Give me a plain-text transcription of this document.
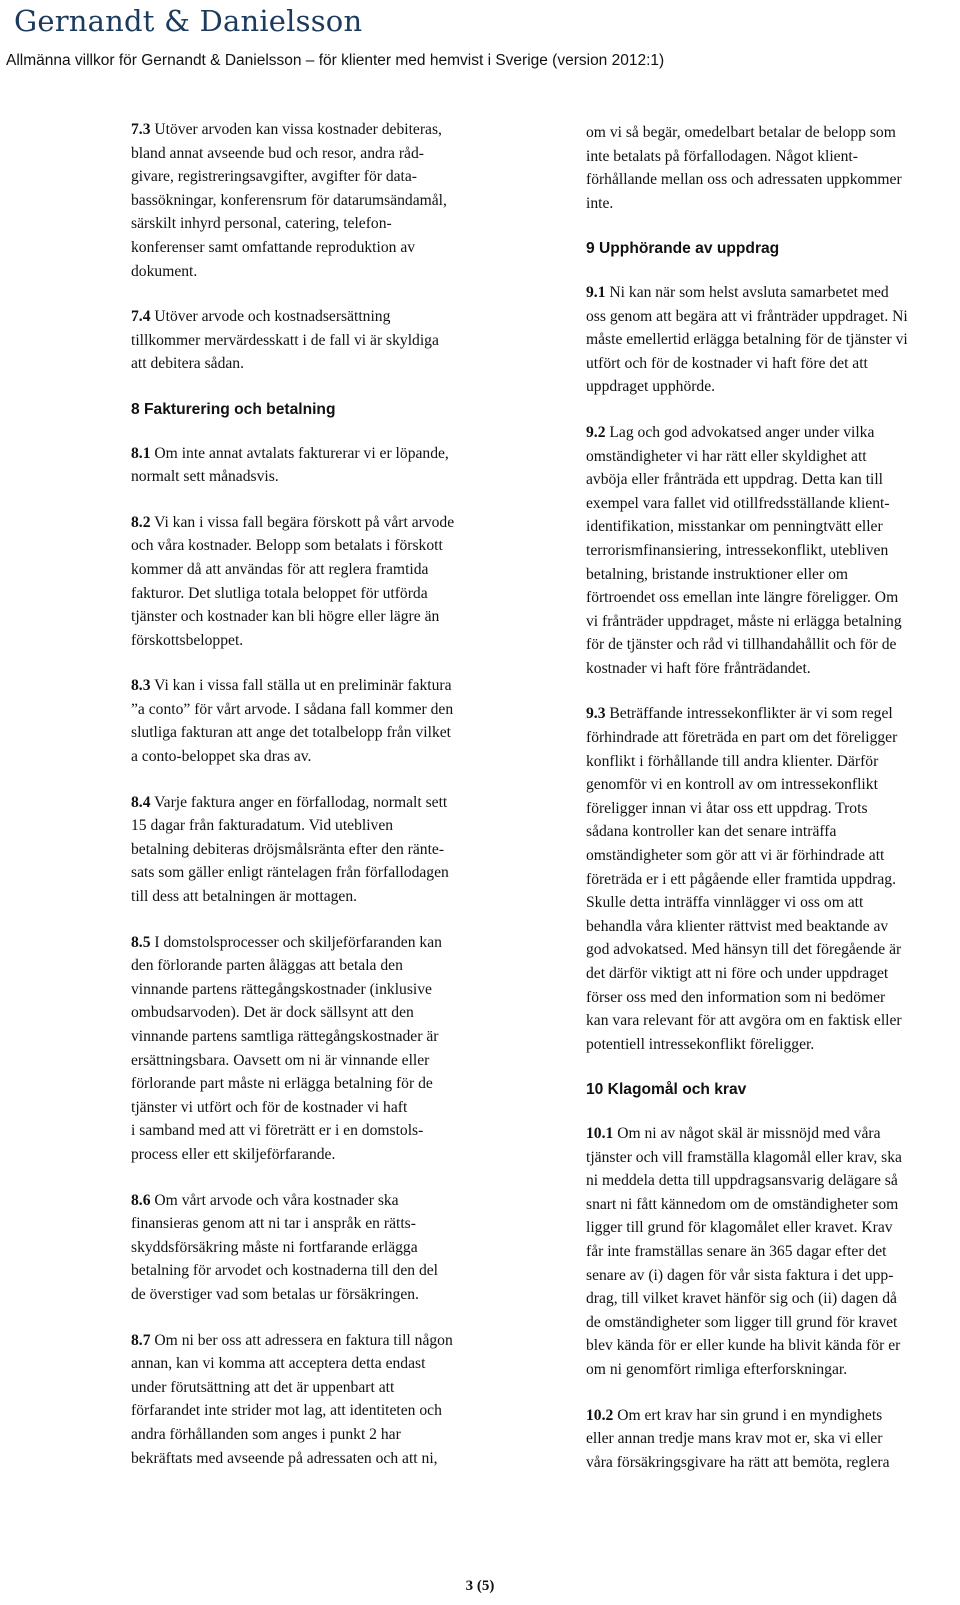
Gernandt & Danielsson
Allmänna villkor för Gernandt & Danielsson – för klienter med hemvist i Sverige (version 2012:1)
7.3 Utöver arvoden kan vissa kostnader debiteras,
bland annat avseende bud och resor, andra råd-
givare, registreringsavgifter, avgifter för data-
bassökningar, konferensrum för datarumsändamål,
särskilt inhyrd personal, catering, telefon-
konferenser samt omfattande reproduktion av
dokument.
7.4 Utöver arvode och kostnadsersättning
tillkommer mervärdesskatt i de fall vi är skyldiga
att debitera sådan.
8 Fakturering och betalning
8.1 Om inte annat avtalats fakturerar vi er löpande,
normalt sett månadsvis.
8.2 Vi kan i vissa fall begära förskott på vårt arvode
och våra kostnader. Belopp som betalats i förskott
kommer då att användas för att reglera framtida
fakturor. Det slutliga totala beloppet för utförda
tjänster och kostnader kan bli högre eller lägre än
förskottsbeloppet.
8.3 Vi kan i vissa fall ställa ut en preliminär faktura
”a conto” för vårt arvode. I sådana fall kommer den
slutliga fakturan att ange det totalbelopp från vilket
a conto-beloppet ska dras av.
8.4 Varje faktura anger en förfallodag, normalt sett
15 dagar från fakturadatum. Vid utebliven
betalning debiteras dröjsmålsränta efter den ränte-
sats som gäller enligt räntelagen från förfallodagen
till dess att betalningen är mottagen.
8.5 I domstolsprocesser och skiljeförfaranden kan
den förlorande parten åläggas att betala den
vinnande partens rättegångskostnader (inklusive
ombudsarvoden). Det är dock sällsynt att den
vinnande partens samtliga rättegångskostnader är
ersättningsbara. Oavsett om ni är vinnande eller
förlorande part måste ni erlägga betalning för de
tjänster vi utfört och för de kostnader vi haft
i samband med att vi företrätt er i en domstols-
process eller ett skiljeförfarande.
8.6 Om vårt arvode och våra kostnader ska
finansieras genom att ni tar i anspråk en rätts-
skyddsförsäkring måste ni fortfarande erlägga
betalning för arvodet och kostnaderna till den del
de överstiger vad som betalas ur försäkringen.
8.7 Om ni ber oss att adressera en faktura till någon
annan, kan vi komma att acceptera detta endast
under förutsättning att det är uppenbart att
förfarandet inte strider mot lag, att identiteten och
andra förhållanden som anges i punkt 2 har
bekräftats med avseende på adressaten och att ni,
om vi så begär, omedelbart betalar de belopp som
inte betalats på förfallodagen. Något klient-
förhållande mellan oss och adressaten uppkommer
inte.
9 Upphörande av uppdrag
9.1 Ni kan när som helst avsluta samarbetet med
oss genom att begära att vi frånträder uppdraget. Ni
måste emellertid erlägga betalning för de tjänster vi
utfört och för de kostnader vi haft före det att
uppdraget upphörde.
9.2 Lag och god advokatsed anger under vilka
omständigheter vi har rätt eller skyldighet att
avböja eller frånträda ett uppdrag. Detta kan till
exempel vara fallet vid otillfredsställande klient-
identifikation, misstankar om penningtvätt eller
terrorismfinansiering, intressekonflikt, utebliven
betalning, bristande instruktioner eller om
förtroendet oss emellan inte längre föreligger. Om
vi frånträder uppdraget, måste ni erlägga betalning
för de tjänster och råd vi tillhandahållit och för de
kostnader vi haft före frånträdandet.
9.3 Beträffande intressekonflikter är vi som regel
förhindrade att företräda en part om det föreligger
konflikt i förhållande till andra klienter. Därför
genomför vi en kontroll av om intressekonflikt
föreligger innan vi åtar oss ett uppdrag. Trots
sådana kontroller kan det senare inträffa
omständigheter som gör att vi är förhindrade att
företräda er i ett pågående eller framtida uppdrag.
Skulle detta inträffa vinnlägger vi oss om att
behandla våra klienter rättvist med beaktande av
god advokatsed. Med hänsyn till det föregående är
det därför viktigt att ni före och under uppdraget
förser oss med den information som ni bedömer
kan vara relevant för att avgöra om en faktisk eller
potentiell intressekonflikt föreligger.
10 Klagomål och krav
10.1 Om ni av något skäl är missnöjd med våra
tjänster och vill framställa klagomål eller krav, ska
ni meddela detta till uppdragsansvarig delägare så
snart ni fått kännedom om de omständigheter som
ligger till grund för klagomålet eller kravet. Krav
får inte framställas senare än 365 dagar efter det
senare av (i) dagen för vår sista faktura i det upp-
drag, till vilket kravet hänför sig och (ii) dagen då
de omständigheter som ligger till grund för kravet
blev kända för er eller kunde ha blivit kända för er
om ni genomfört rimliga efterforskningar.
10.2 Om ert krav har sin grund i en myndighets
eller annan tredje mans krav mot er, ska vi eller
våra försäkringsgivare ha rätt att bemöta, reglera
3 (5)
